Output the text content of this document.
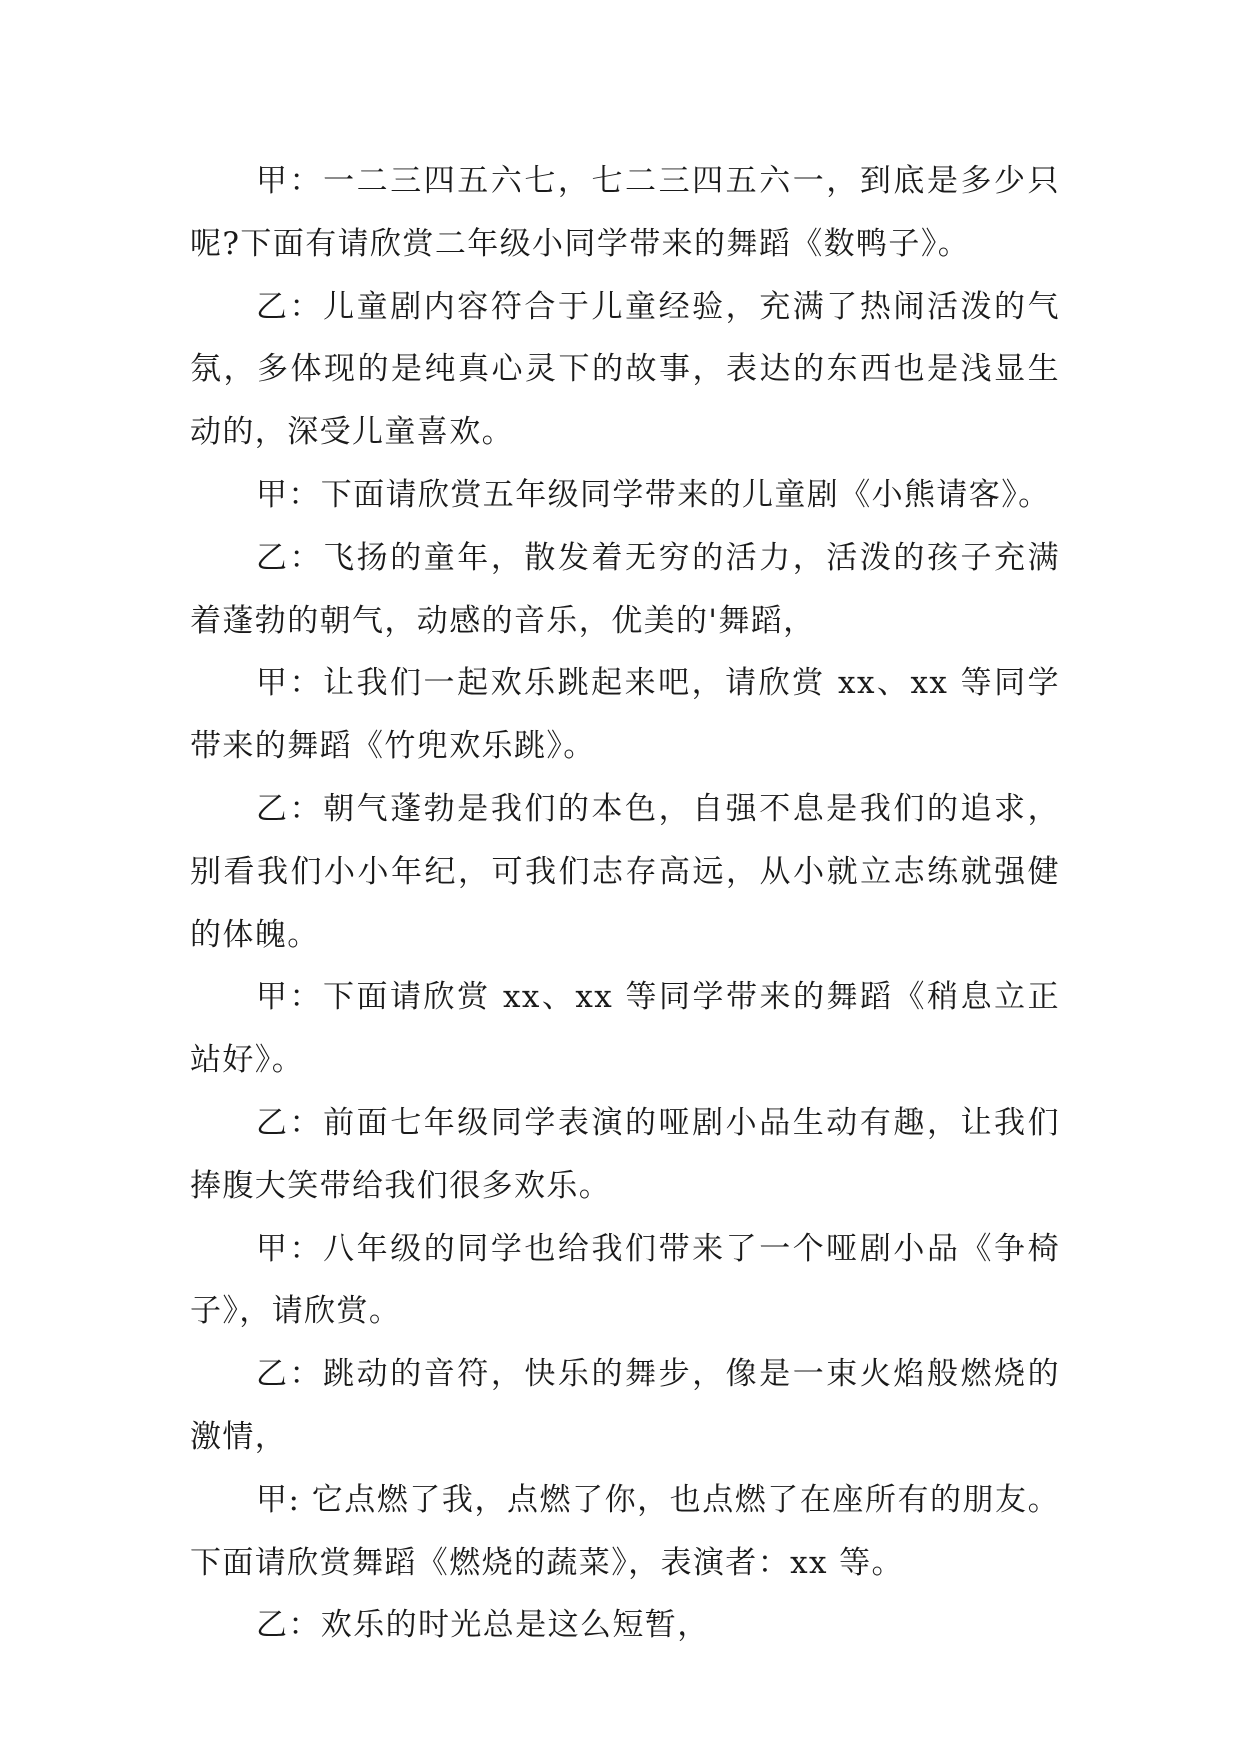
甲：一二三四五六七，七二三四五六一，到底是多少只呢?下面有请欣赏二年级小同学带来的舞蹈《数鸭子》。

乙：儿童剧内容符合于儿童经验，充满了热闹活泼的气氛，多体现的是纯真心灵下的故事，表达的东西也是浅显生动的，深受儿童喜欢。

甲：下面请欣赏五年级同学带来的儿童剧《小熊请客》。

乙：飞扬的童年，散发着无穷的活力，活泼的孩子充满着蓬勃的朝气，动感的音乐，优美的'舞蹈，

甲：让我们一起欢乐跳起来吧，请欣赏 xx、xx 等同学带来的舞蹈《竹兜欢乐跳》。

乙：朝气蓬勃是我们的本色，自强不息是我们的追求，别看我们小小年纪，可我们志存高远，从小就立志练就强健的体魄。

甲：下面请欣赏 xx、xx 等同学带来的舞蹈《稍息立正站好》。

乙：前面七年级同学表演的哑剧小品生动有趣，让我们捧腹大笑带给我们很多欢乐。

甲：八年级的同学也给我们带来了一个哑剧小品《争椅子》，请欣赏。

乙：跳动的音符，快乐的舞步，像是一束火焰般燃烧的激情，

甲: 它点燃了我，点燃了你，也点燃了在座所有的朋友。下面请欣赏舞蹈《燃烧的蔬菜》，表演者：xx 等。

乙：欢乐的时光总是这么短暂，
